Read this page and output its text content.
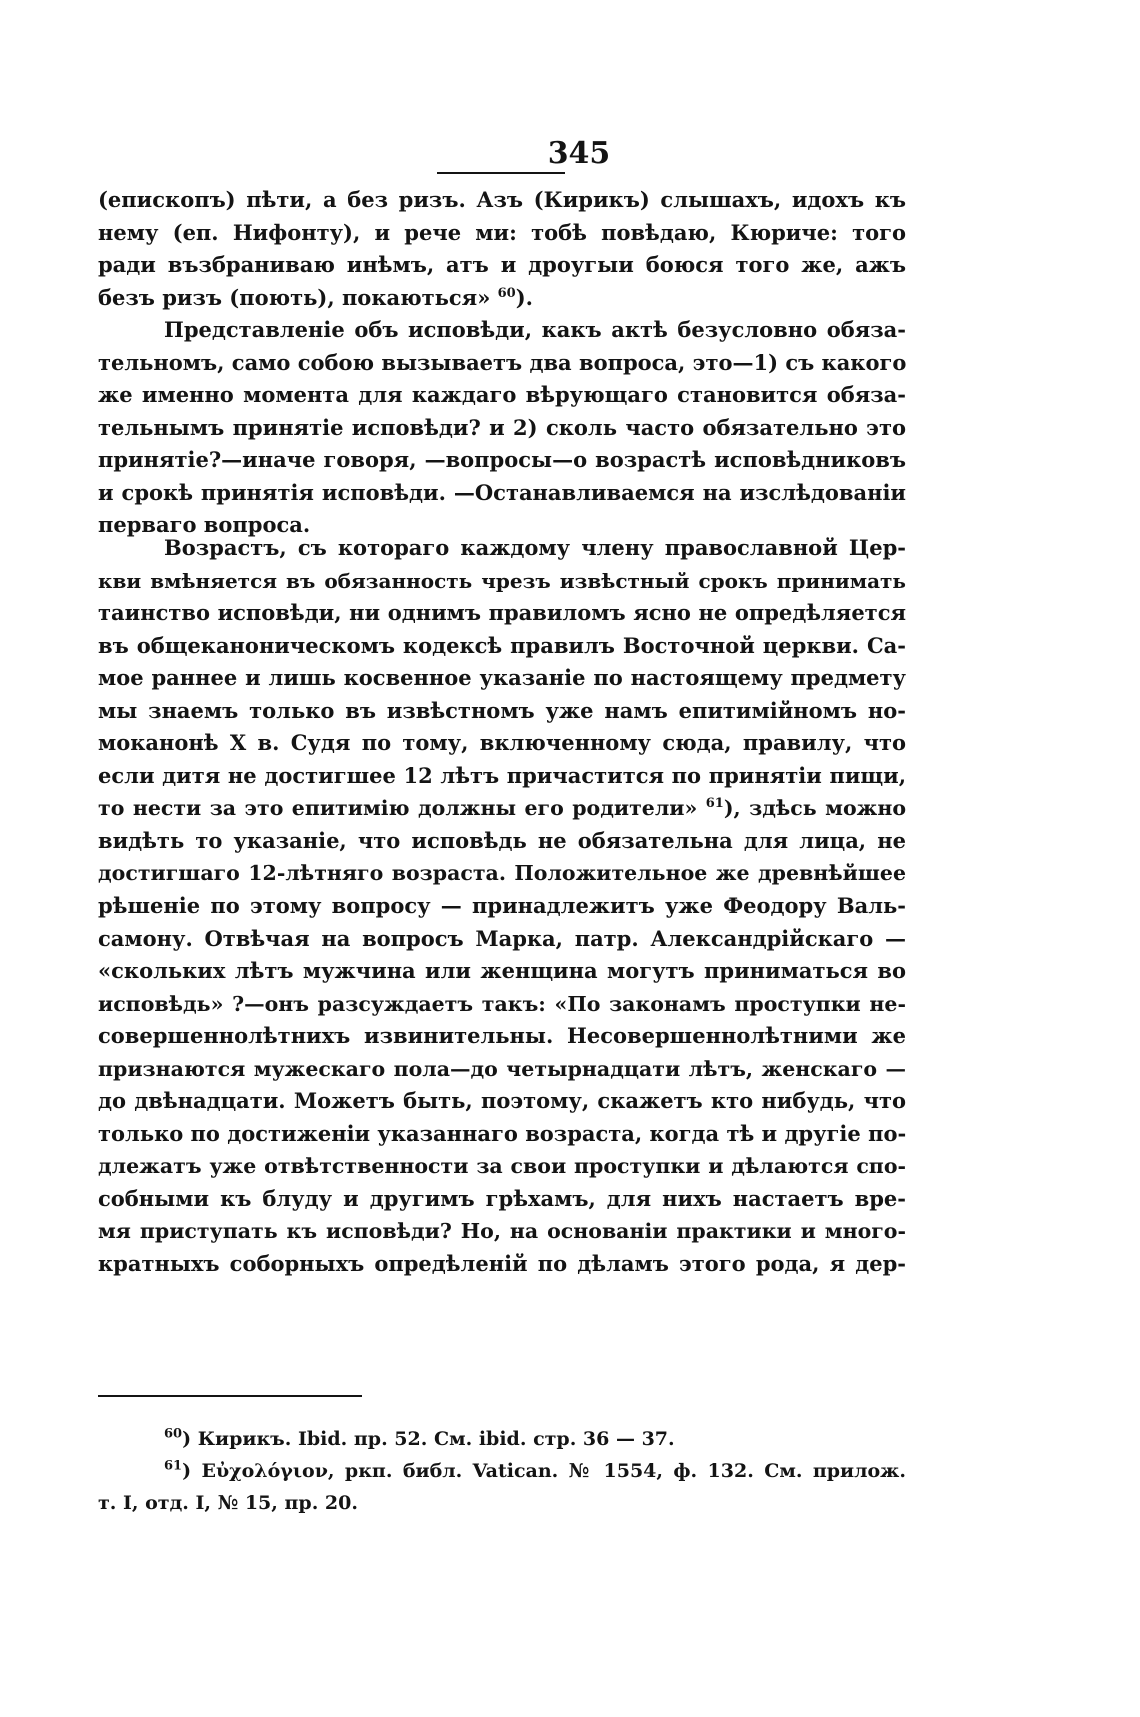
345
(епископъ) пѣти, а без ризъ. Азъ (Кирикъ) слышахъ, идохъ къ
нему (еп. Нифонту), и рече ми: тобѣ повѣдаю, Кюриче: того
ради възбраниваю инѣмъ, атъ и дроугыи боюся того же, ажъ
безъ ризъ (поють), покаються» $^{60}$).
Представленіе объ исповѣди, какъ актѣ безусловно обяза-
тельномъ, само собою вызываетъ два вопроса, это—1) съ какого
же именно момента для каждаго вѣрующаго становится обяза-
тельнымъ принятіе исповѣди? и 2) сколь часто обязательно это
принятіе?—иначе говоря, —вопросы—о возрастѣ исповѣдниковъ
и срокѣ принятія исповѣди. —Останавливаемся на изслѣдованіи
перваго вопроса.
Возрастъ, съ котораго каждому члену православной Цер-
кви вмѣняется въ обязанность чрезъ извѣстный срокъ принимать
таинство исповѣди, ни однимъ правиломъ ясно не опредѣляется
въ общеканоническомъ кодексѣ правилъ Восточной церкви. Са-
мое раннее и лишь косвенное указаніе по настоящему предмету
мы знаемъ только въ извѣстномъ уже намъ епитимійномъ но-
моканонѣ X в. Судя по тому, включенному сюда, правилу, что
если дитя не достигшее 12 лѣтъ причастится по принятіи пищи,
то нести за это епитимію должны его родители» $^{61}$), здѣсь можно
видѣть то указаніе, что исповѣдь не обязательна для лица, не
достигшаго 12-лѣтняго возраста. Положительное же древнѣйшее
рѣшеніе по этому вопросу — принадлежитъ уже Феодору Валь-
самону. Отвѣчая на вопросъ Марка, патр. Александрійскаго —
«скольких лѣтъ мужчина или женщина могутъ приниматься во
исповѣдь» ?—онъ разсуждаетъ такъ: «По законамъ проступки не-
совершеннолѣтнихъ извинительны. Несовершеннолѣтними же
признаются мужескаго пола—до четырнадцати лѣтъ, женскаго —
до двѣнадцати. Можетъ быть, поэтому, скажетъ кто нибудь, что
только по достиженіи указаннаго возраста, когда тѣ и другіе по-
длежатъ уже отвѣтственности за свои проступки и дѣлаются спо-
собными къ блуду и другимъ грѣхамъ, для нихъ настаетъ вре-
мя приступать къ исповѣди? Но, на основаніи практики и много-
кратныхъ соборныхъ опредѣленій по дѣламъ этого рода, я дер-
$^{60}$) Кирикъ. Ibid. пр. 52. См. ibid. стр. 36 — 37.
$^{61}$) Εὐχολόγιον, ркп. библ. Vatican. № 1554, ф. 132. См. прилож.
т. I, отд. I, № 15, пр. 20.
